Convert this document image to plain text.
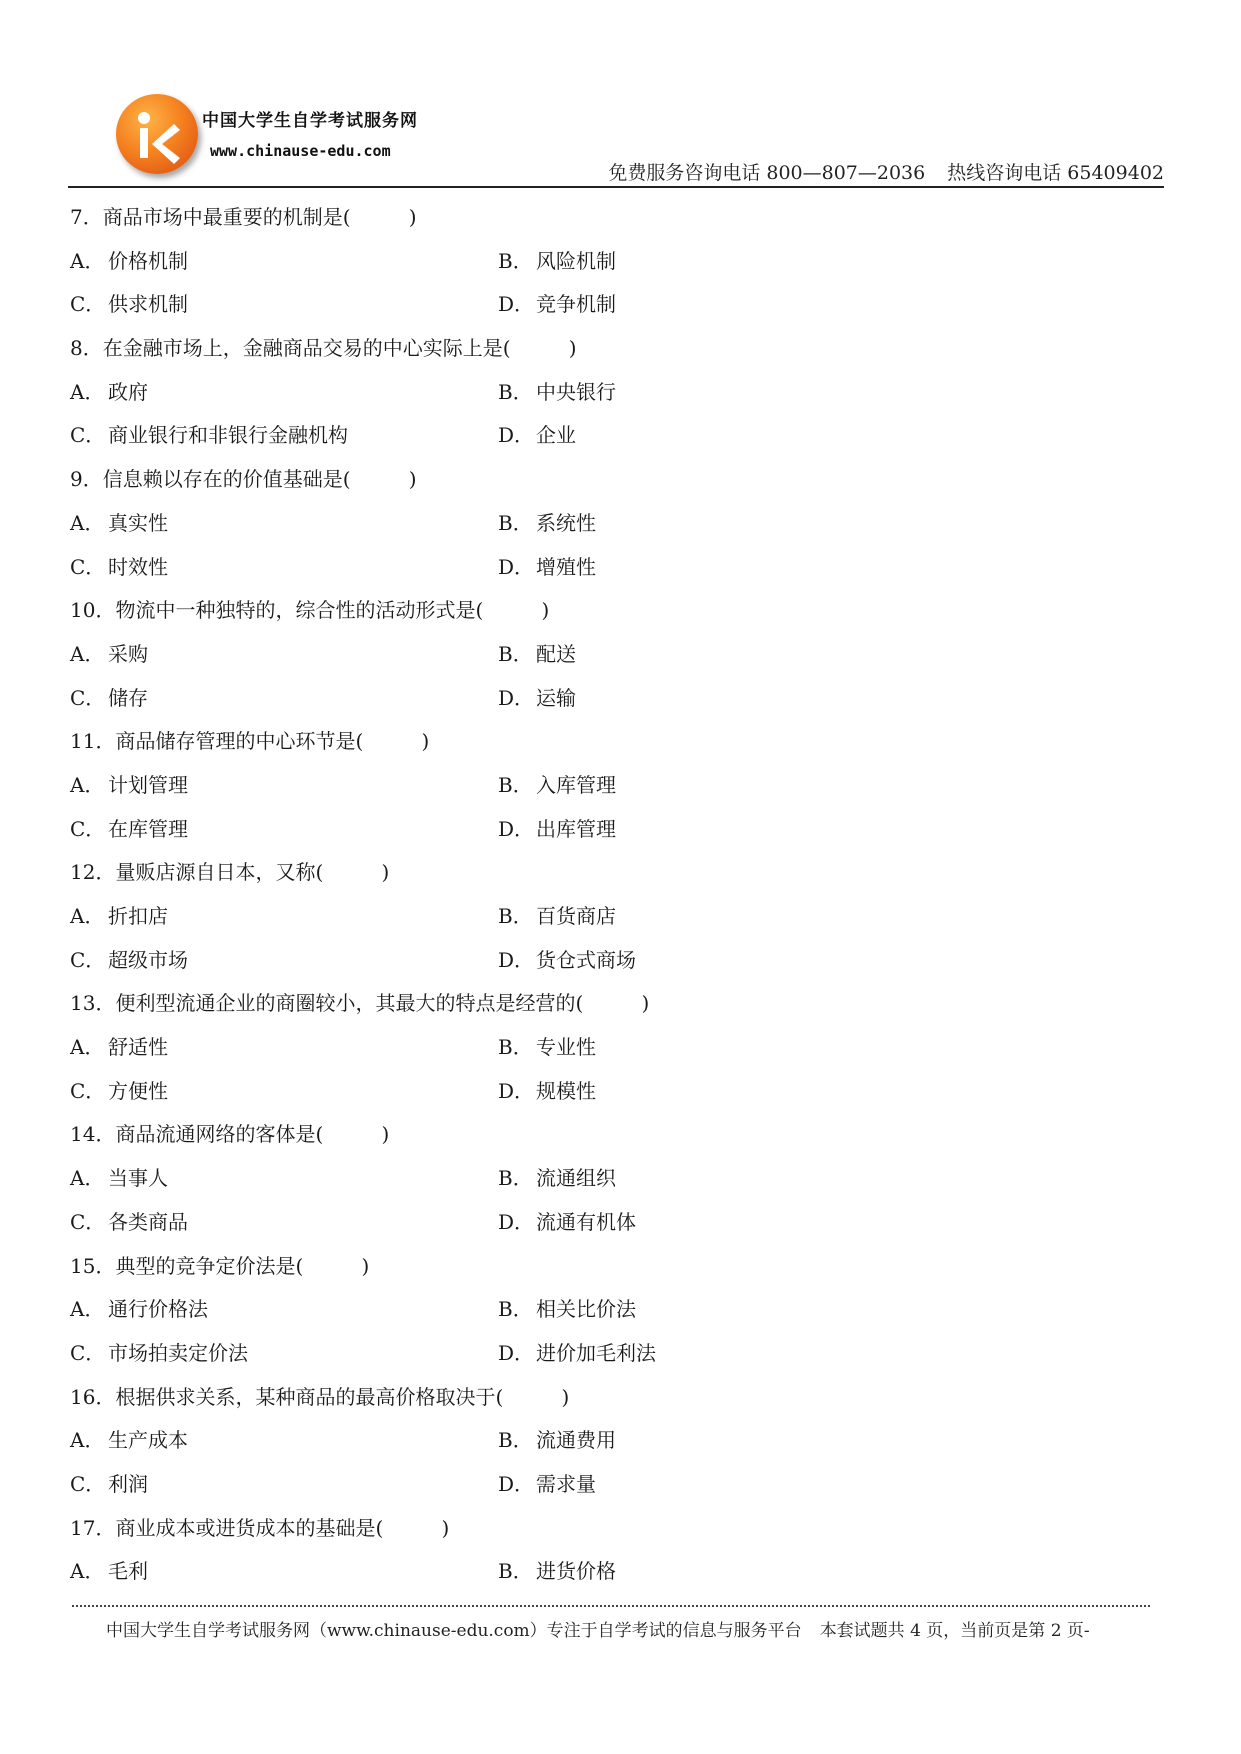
中国大学生自学考试服务网
www.chinause-edu.com
免费服务咨询电话 800—807—2036 热线咨询电话 65409402
7．商品市场中最重要的机制是(	)
A． 价格机制	B． 风险机制
C． 供求机制	D．竞争机制
8．在金融市场上，金融商品交易的中心实际上是(	)
A． 政府	B． 中央银行
C． 商业银行和非银行金融机构	D．企业
9．信息赖以存在的价值基础是(	)
A． 真实性	B． 系统性
C． 时效性	D．增殖性
10．物流中一种独特的，综合性的活动形式是(	)
A． 采购	B． 配送
C． 储存	D．运输
11．商品储存管理的中心环节是(	)
A． 计划管理	B． 入库管理
C． 在库管理	D．出库管理
12．量贩店源自日本，又称(	)
A． 折扣店	B． 百货商店
C． 超级市场	D．货仓式商场
13．便利型流通企业的商圈较小，其最大的特点是经营的(	)
A． 舒适性	B． 专业性
C． 方便性	D．规模性
14．商品流通网络的客体是(	)
A． 当事人	B． 流通组织
C． 各类商品	D．流通有机体
15．典型的竞争定价法是(	)
A． 通行价格法	B． 相关比价法
C． 市场拍卖定价法	D．进价加毛利法
16．根据供求关系，某种商品的最高价格取决于(	)
A． 生产成本	B． 流通费用
C． 利润	D．需求量
17．商业成本或进货成本的基础是(	)
A． 毛利	B． 进货价格
中国大学生自学考试服务网（www.chinause-edu.com）专注于自学考试的信息与服务平台 本套试题共 4 页，当前页是第 2 页-
